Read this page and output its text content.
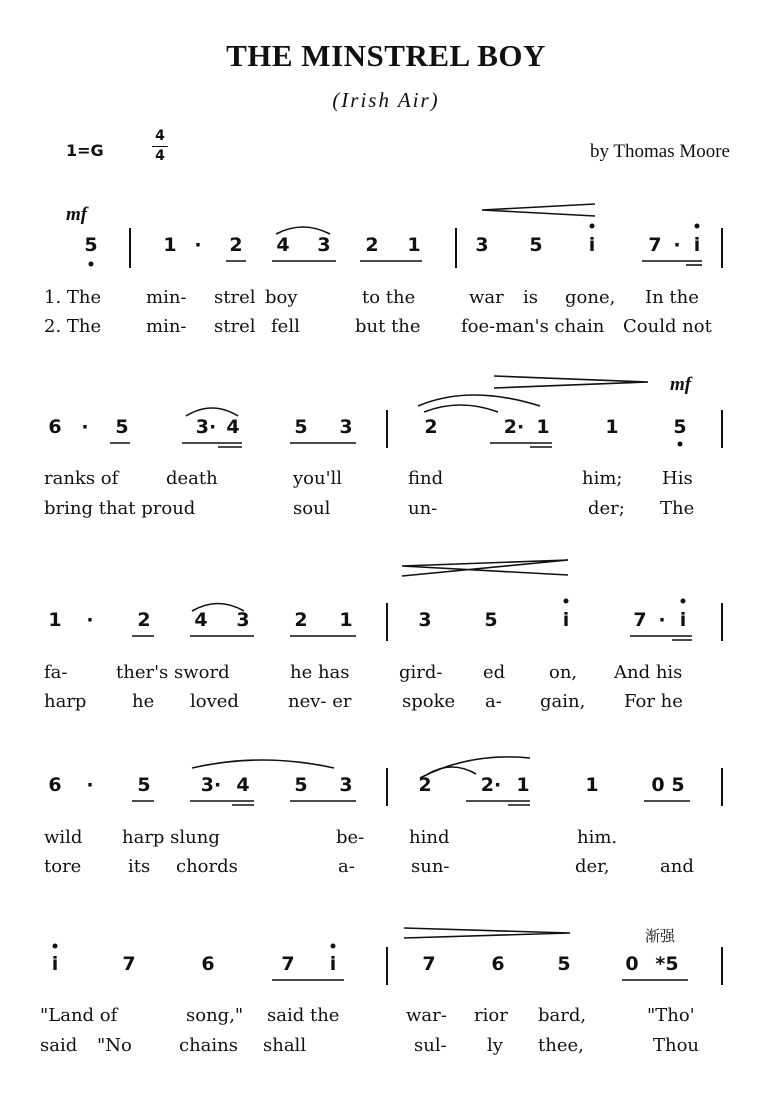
THE MINSTREL BOY
(Irish Air)
1=G
4
4	by Thomas Moore
mf
mf
渐强
5	1 ·	2	4	3	2	1	3	5	i	7 · i
1. The min- strel boy	to the	war is gone, In the
2. The min- strel fell	but the foe-man's chain Could not
6	·	5	3· 4	5	3	2	2· 1	1	5
ranks of	death	you'll	find	him; His
bring that proud	soul	un-	der; The
1	·	2	4	3	2	1	3	5	i	7 · i
fa-	ther's sword	he has	gird- ed on, And his
harp	he loved	nev- er	spoke a- gain, For he
6	·	5	3· 4	5	3	2	2· 1	1	0 5
wild harp slung	be- hind	him.
tore	its chords	a-	sun-	der,	and
i	7	6	7	i	7	6	5	0 *5
"Land of	song," said the	war- rior bard,	"Tho'
said "No	chains shall	sul- ly thee,	Thou
